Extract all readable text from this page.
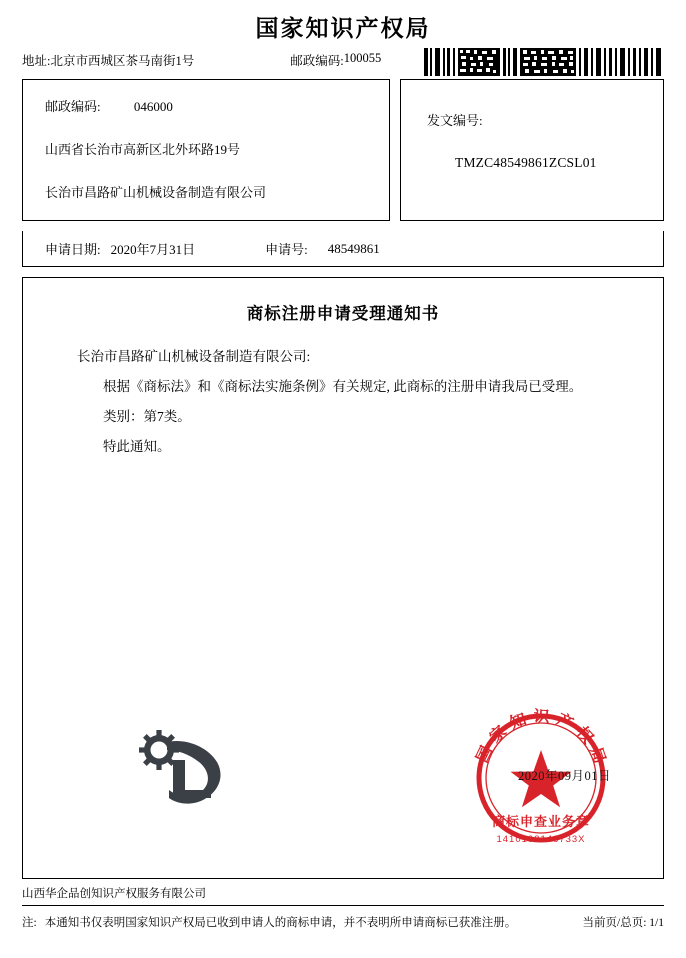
国家知识产权局
地址: 北京市西城区茶马南街1号	邮政编码: 100055
邮政编码:	046000
山西省长治市高新区北外环路19号
长治市昌路矿山机械设备制造有限公司
发文编号:
TMZC48549861ZCSL01
申请日期: 2020年7月31日	申请号: 48549861
商标注册申请受理通知书
长治市昌路矿山机械设备制造有限公司:
根据《商标法》和《商标法实施条例》有关规定, 此商标的注册申请我局已受理。
类别：第7类。
特此通知。
国家知识产权局
商标申查业务章
1410108146733X
2020年09月01日
山西华企品创知识产权服务有限公司
注: 本通知书仅表明国家知识产权局已收到申请人的商标申请，并不表明所申请商标已获准注册。	当前页/总页: 1/1
